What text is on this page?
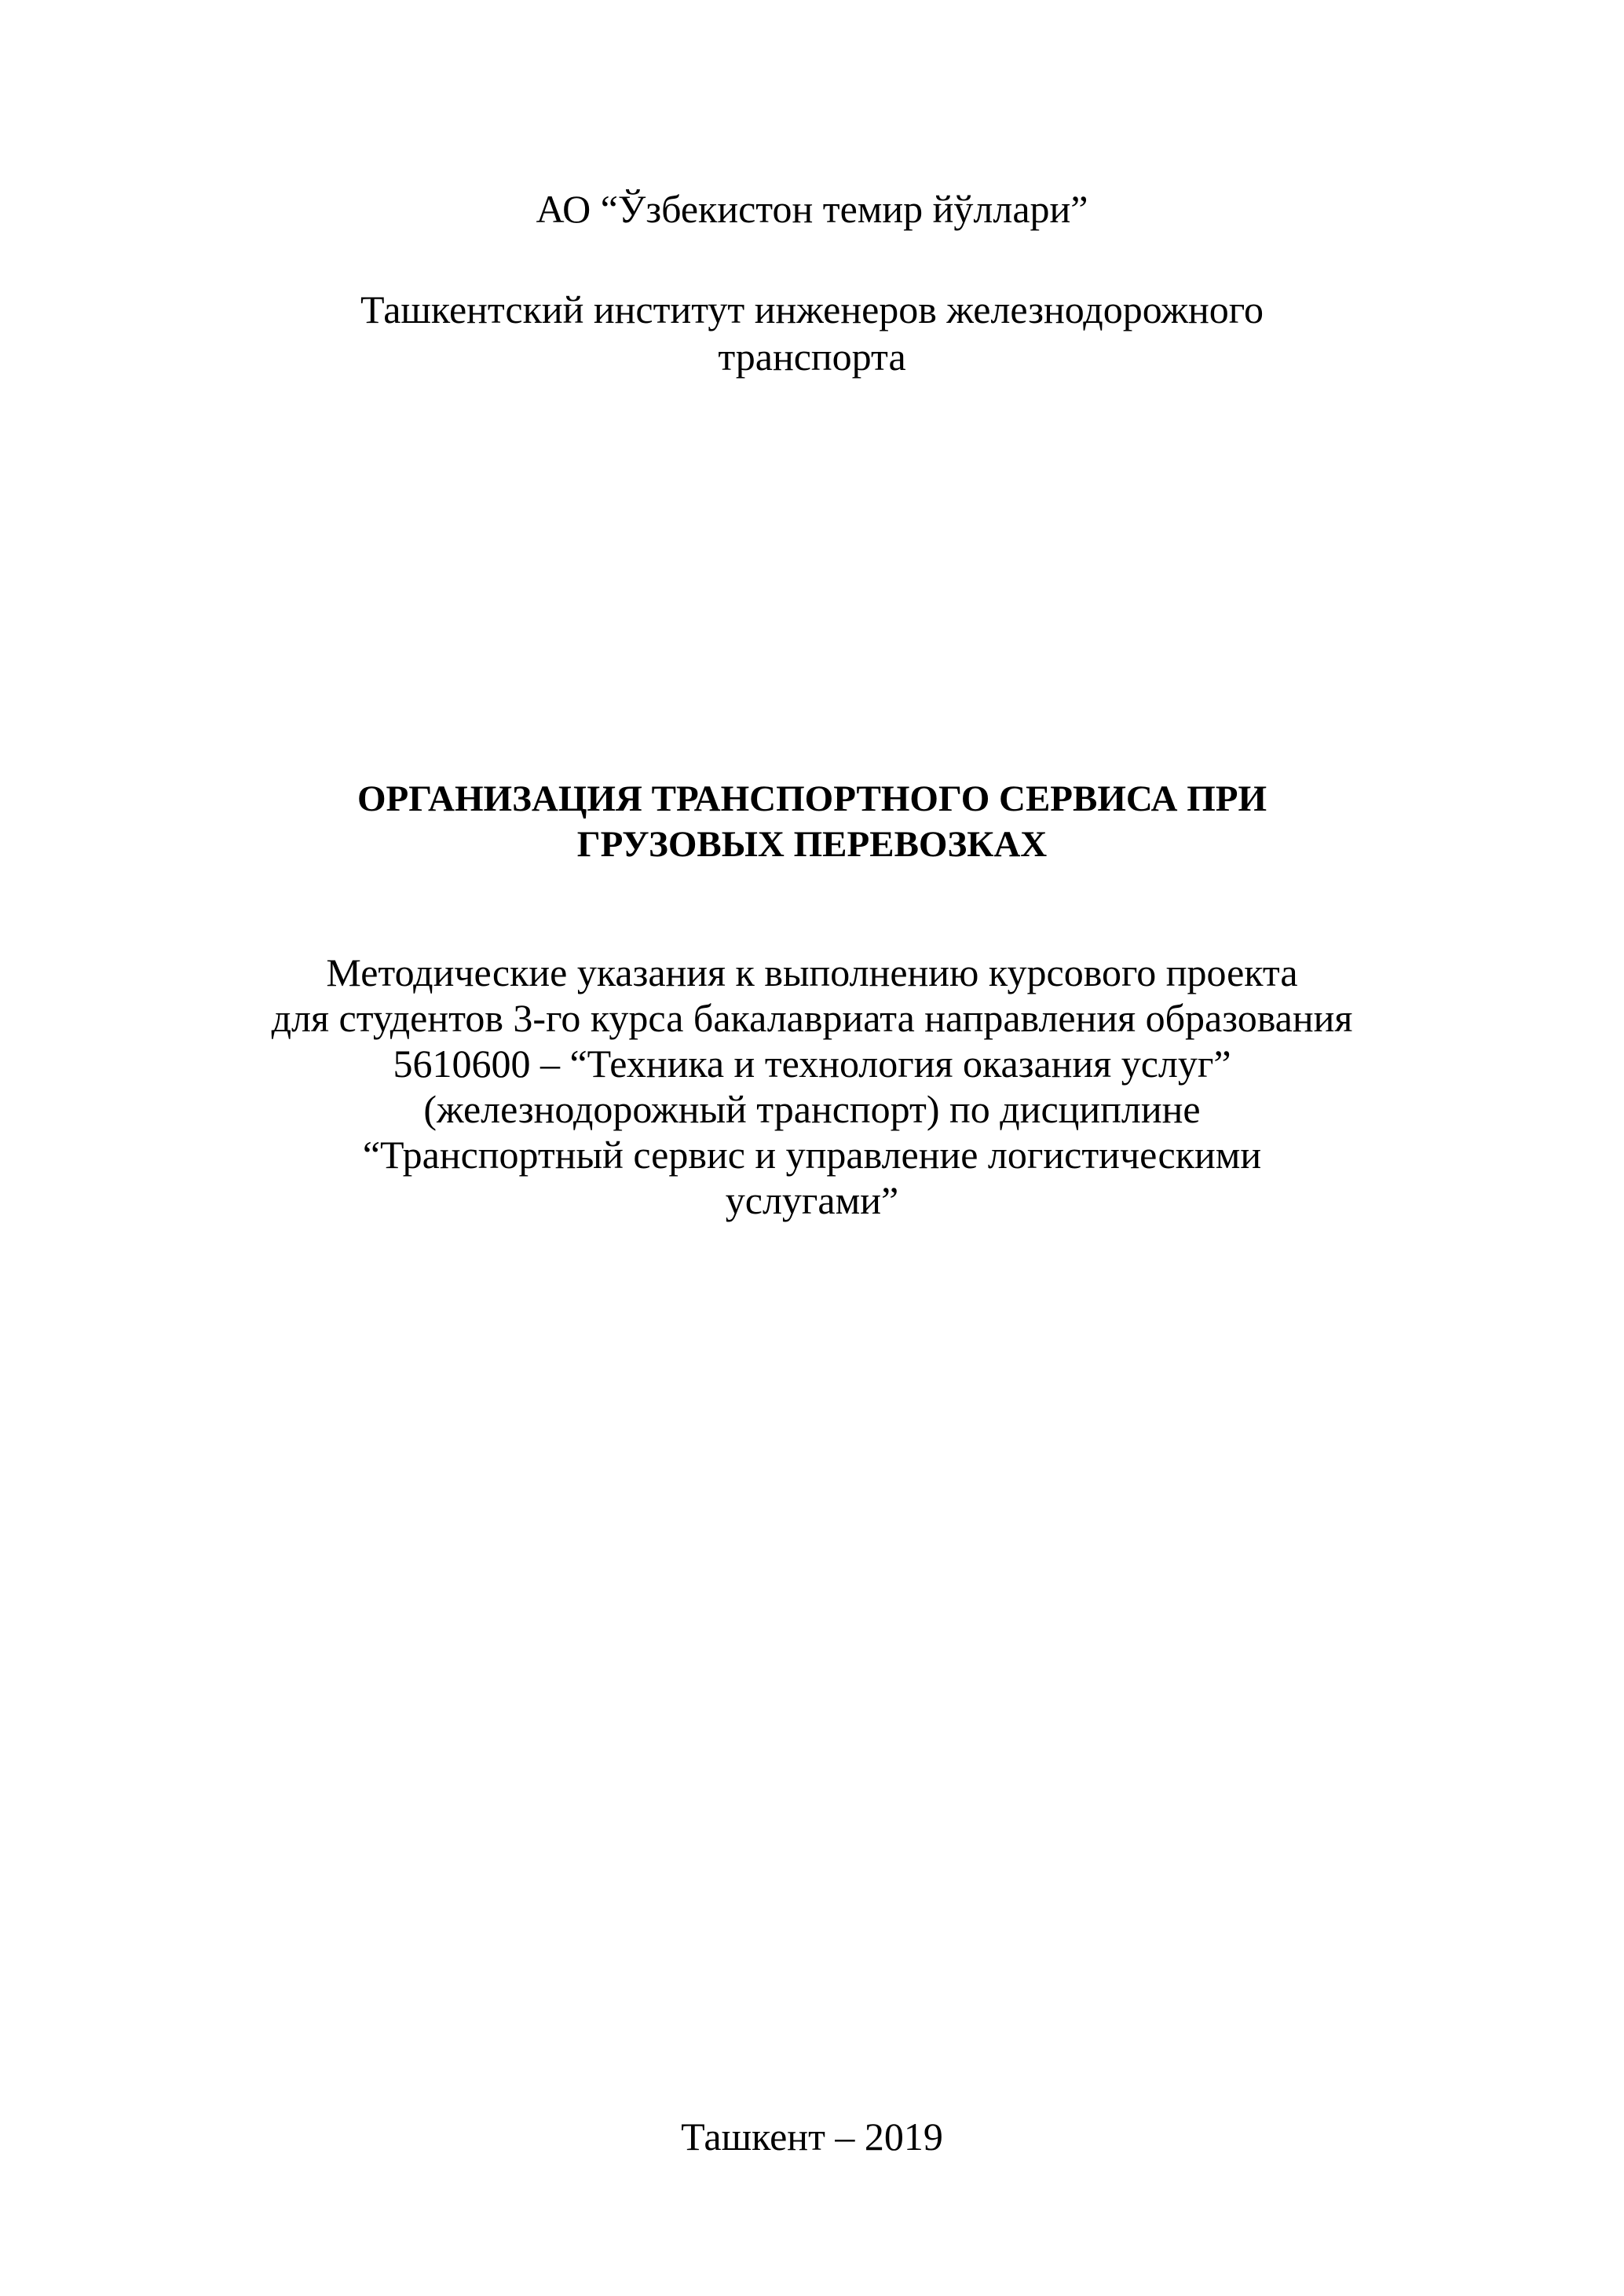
АО “Ўзбекистон темир йўллари”
Ташкентский институт инженеров железнодорожного
транспорта
ОРГАНИЗАЦИЯ ТРАНСПОРТНОГО СЕРВИСА ПРИ
ГРУЗОВЫХ ПЕРЕВОЗКАХ
Методические указания к выполнению курсового проекта
для студентов 3-го курса бакалавриата направления образования
5610600 – “Техника и технология оказания услуг”
(железнодорожный транспорт) по дисциплине
“Транспортный сервис и управление логистическими
услугами”
Ташкент – 2019
